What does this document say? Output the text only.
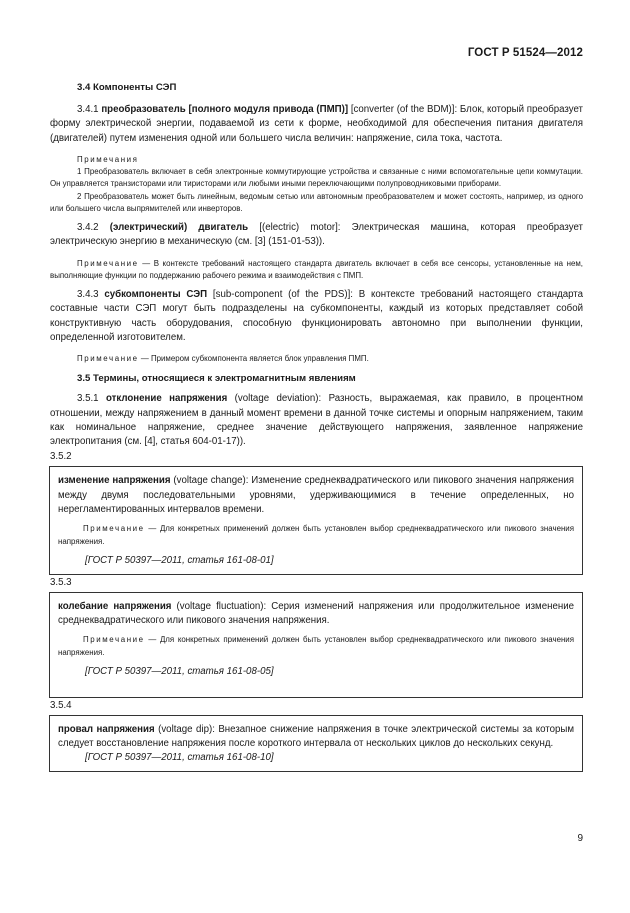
ГОСТ Р 51524—2012

3.4 Компоненты СЭП

3.4.1 преобразователь [полного модуля привода (ПМП)] [converter (of the BDM)]: Блок, который преобразует форму электрической энергии, подаваемой из сети к форме, необходимой для обеспечения питания двигателя (двигателей) путем изменения одной или большего числа величин: напряжение, сила тока, частота.

Примечания

1 Преобразователь включает в себя электронные коммутирующие устройства и связанные с ними вспомогательные цепи коммутации. Он управляется транзисторами или тиристорами или любыми иными переключающими полупроводниковыми приборами.

2 Преобразователь может быть линейным, ведомым сетью или автономным преобразователем и может состоять, например, из одного или большего числа выпрямителей или инверторов.

3.4.2 (электрический) двигатель [(electric) motor]: Электрическая машина, которая преобразует электрическую энергию в механическую (см. [3] (151-01-53)).

Примечание — В контексте требований настоящего стандарта двигатель включает в себя все сенсоры, установленные на нем, выполняющие функции по поддержанию рабочего режима и взаимодействия с ПМП.

3.4.3 субкомпоненты СЭП [sub-component (of the PDS)]: В контексте требований настоящего стандарта составные части СЭП могут быть подразделены на субкомпоненты, каждый из которых представляет собой конструктивную часть оборудования, способную функционировать автономно при выполнении функции, определенной изготовителем.

Примечание — Примером субкомпонента является блок управления ПМП.

3.5 Термины, относящиеся к электромагнитным явлениям

3.5.1 отклонение напряжения (voltage deviation): Разность, выражаемая, как правило, в процентном отношении, между напряжением в данный момент времени в данной точке системы и опорным напряжением, таким как номинальное напряжение, среднее значение действующего напряжения, заявленное напряжение электропитания (см. [4], статья 604-01-17)).

3.5.2

изменение напряжения (voltage change): Изменение среднеквадратического или пикового значения напряжения между двумя последовательными уровнями, удерживающимися в течение определенных, но нерегламентированных интервалов времени.

Примечание — Для конкретных применений должен быть установлен выбор среднеквадратического или пикового значения напряжения.

[ГОСТ Р 50397—2011, статья 161-08-01]

3.5.3

колебание напряжения (voltage fluctuation): Серия изменений напряжения или продолжительное изменение среднеквадратического или пикового значения напряжения.

Примечание — Для конкретных применений должен быть установлен выбор среднеквадратического или пикового значения напряжения.

[ГОСТ Р 50397—2011, статья 161-08-05]

3.5.4

провал напряжения (voltage dip): Внезапное снижение напряжения в точке электрической системы за которым следует восстановление напряжения после короткого интервала от нескольких циклов до нескольких секунд.

[ГОСТ Р 50397—2011, статья 161-08-10]

9
